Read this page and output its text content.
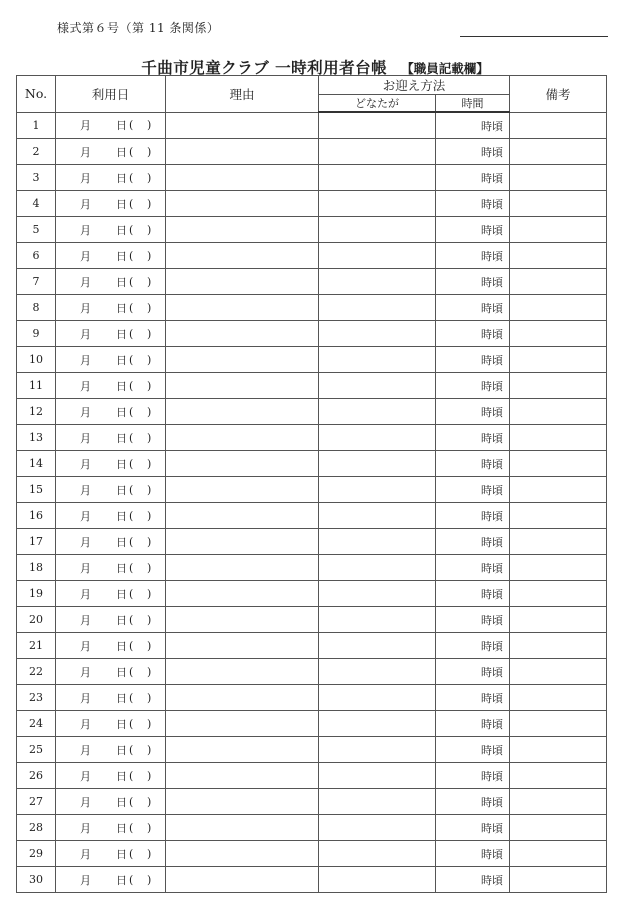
様式第６号（第 11 条関係）
千曲市児童クラブ 一時利用者台帳 【職員記載欄】
No.	利用日	理由	お迎え方法		備考
			どなたが	時間	
1	月 日 ( )			時頃	
2	月 日 ( )			時頃	
3	月 日 ( )			時頃	
4	月 日 ( )			時頃	
5	月 日 ( )			時頃	
6	月 日 ( )			時頃	
7	月 日 ( )			時頃	
8	月 日 ( )			時頃	
9	月 日 ( )			時頃	
10	月 日 ( )			時頃	
11	月 日 ( )			時頃	
12	月 日 ( )			時頃	
13	月 日 ( )			時頃	
14	月 日 ( )			時頃	
15	月 日 ( )			時頃	
16	月 日 ( )			時頃	
17	月 日 ( )			時頃	
18	月 日 ( )			時頃	
19	月 日 ( )			時頃	
20	月 日 ( )			時頃	
21	月 日 ( )			時頃	
22	月 日 ( )			時頃	
23	月 日 ( )			時頃	
24	月 日 ( )			時頃	
25	月 日 ( )			時頃	
26	月 日 ( )			時頃	
27	月 日 ( )			時頃	
28	月 日 ( )			時頃	
29	月 日 ( )			時頃	
30	月 日 ( )			時頃	
